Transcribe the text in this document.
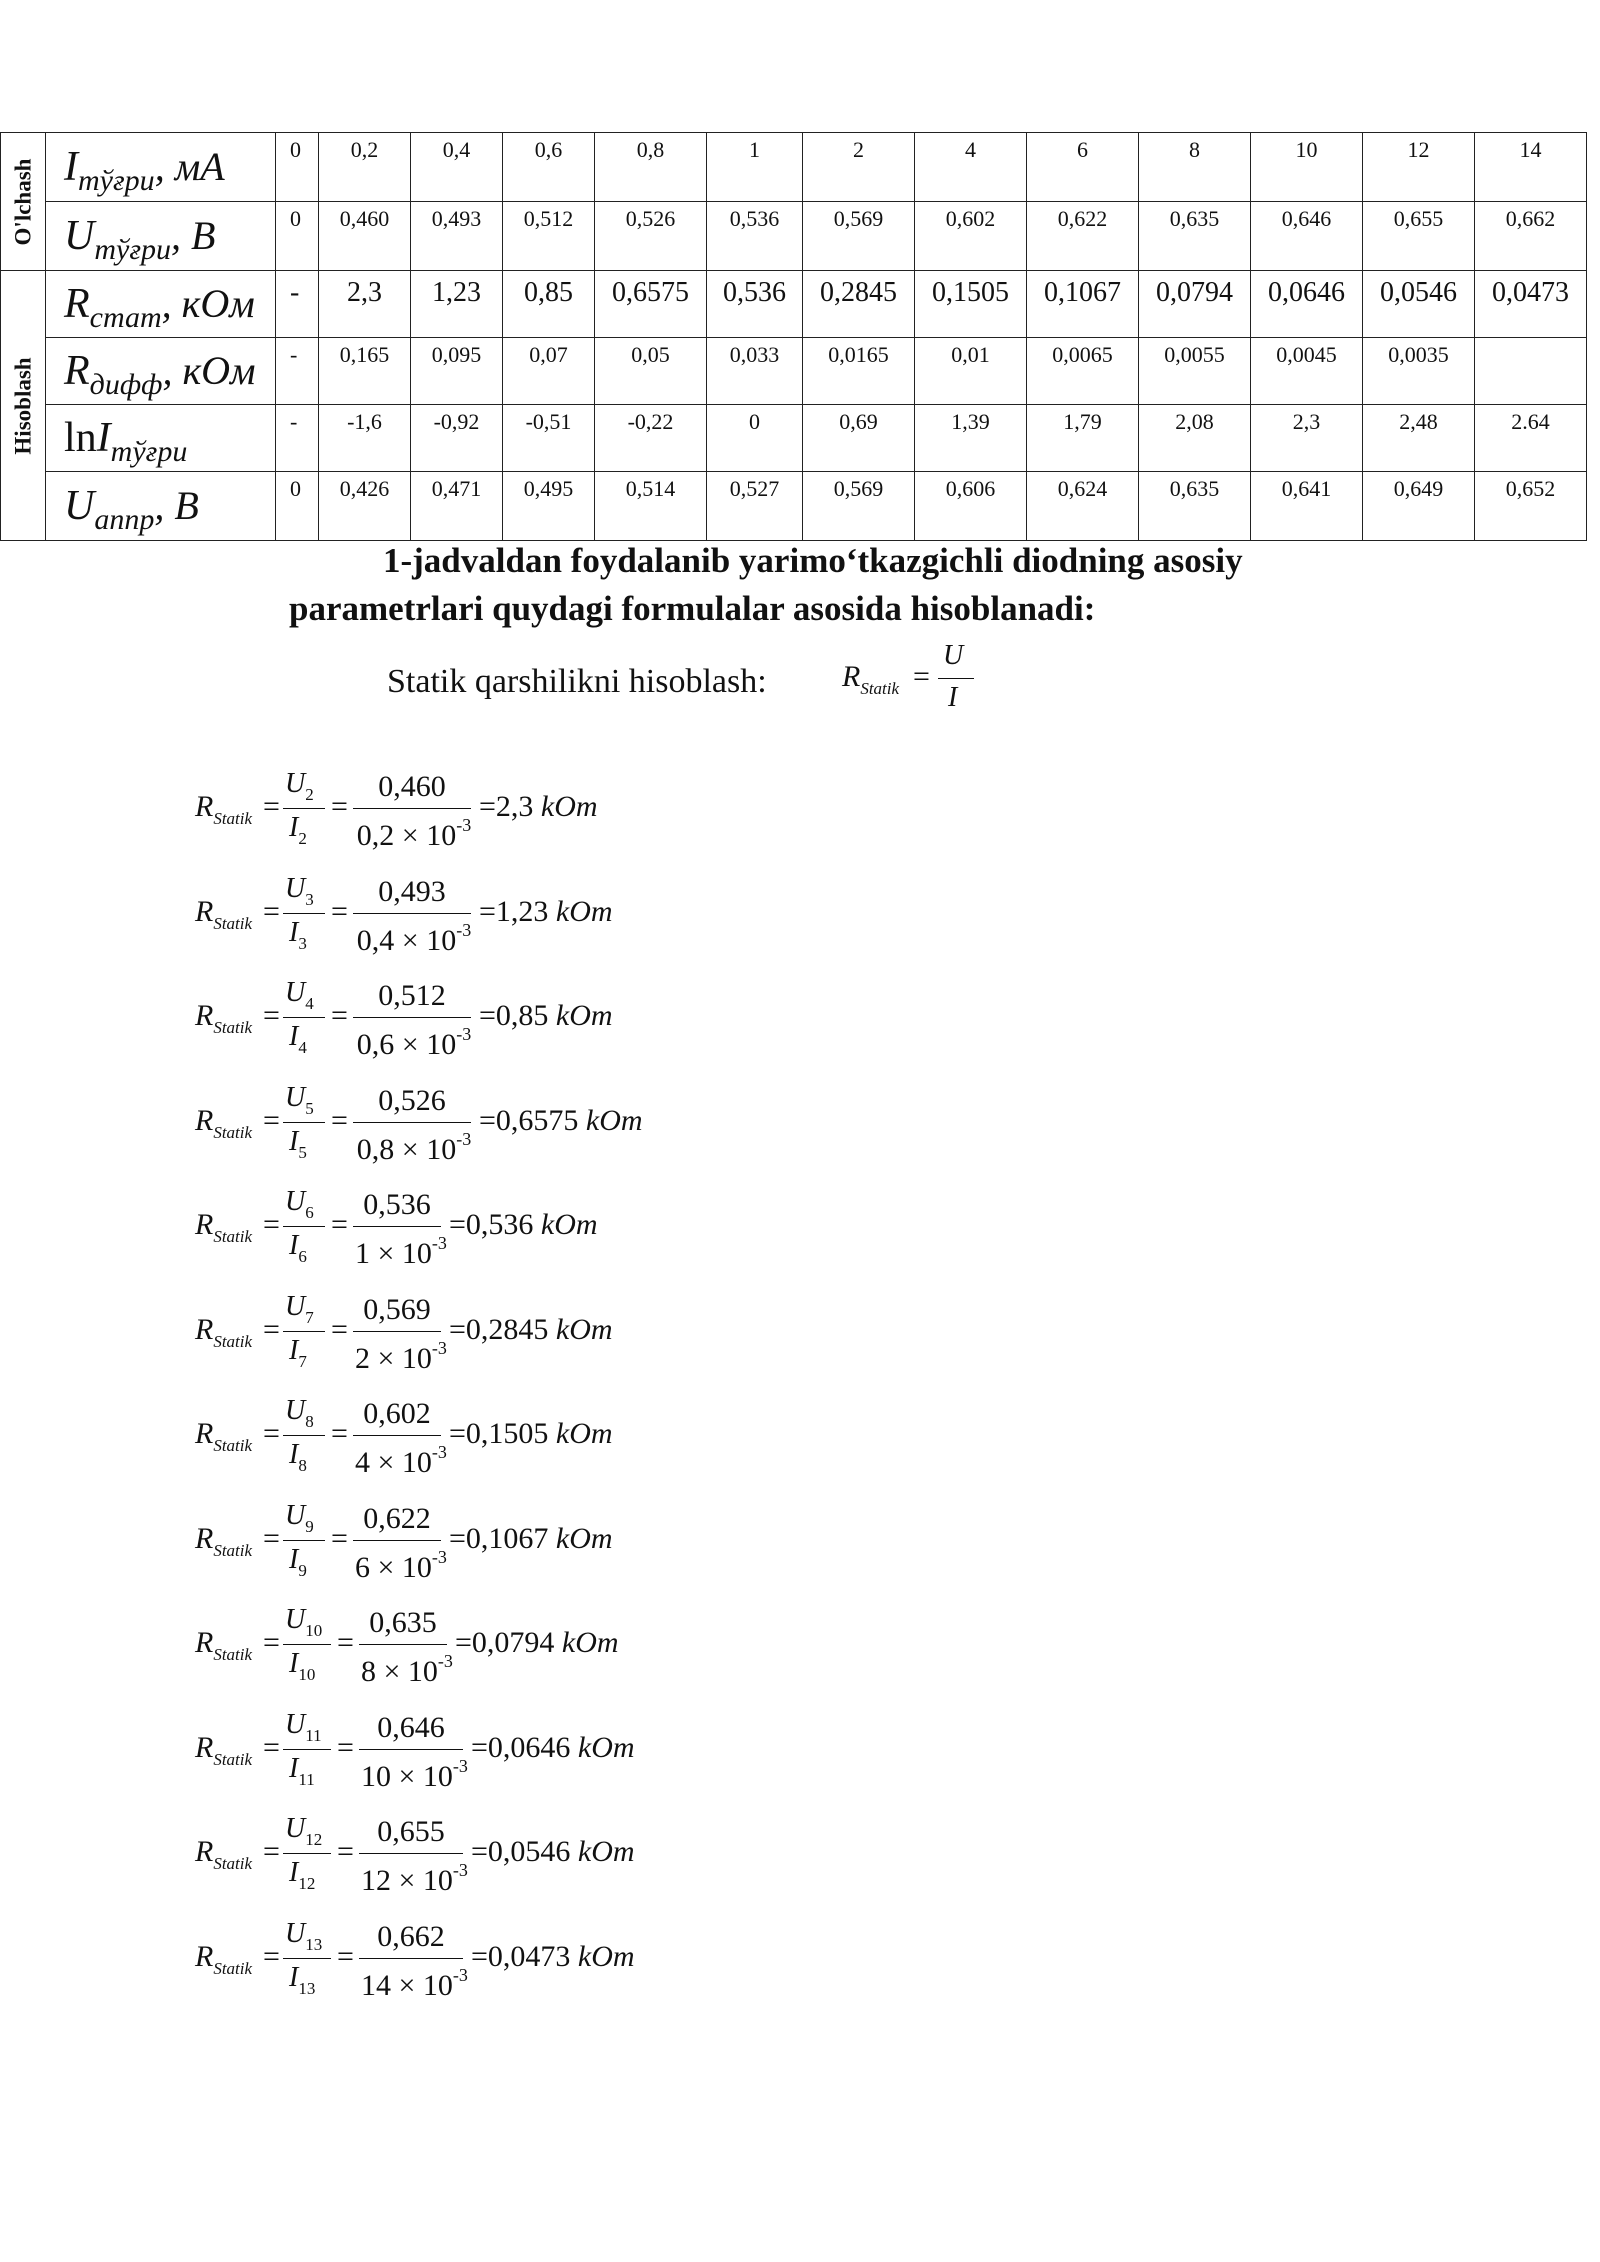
O'lchash	Iтўғри, мА	0	0,2	0,4	0,6	0,8	1	2	4	6	8	10	12	14
	Uтўғри, В	0	0,460	0,493	0,512	0,526	0,536	0,569	0,602	0,622	0,635	0,646	0,655	0,662

Hisoblash	Rстат, кОм	-	2,3	1,23	0,85	0,6575	0,536	0,2845	0,1505	0,1067	0,0794	0,0646	0,0546	0,0473
	Rдифф, кОм	-	0,165	0,095	0,07	0,05	0,033	0,0165	0,01	0,0065	0,0055	0,0045	0,0035	
	lnIтўғри	-	-1,6	-0,92	-0,51	-0,22	0	0,69	1,39	1,79	2,08	2,3	2,48	2.64
	Uаппр, В	0	0,426	0,471	0,495	0,514	0,527	0,569	0,606	0,624	0,635	0,641	0,649	0,652
1-jadvaldan foydalanib yarimo‘tkazgichli diodning asosiy
parametrlari quydagi formulalar asosida hisoblanadi:
Statik qarshilikni hisoblash:	$R_{Statik}$ =
U
I
$R_{Statik}$ =
$U_2$
$I_2$
=
0,460
$0,2 \times 10^{-3}$
=2,3 kOm
$R_{Statik}$ =
$U_3$
$I_3$
=
0,493
$0,4 \times 10^{-3}$
=1,23 kOm
$R_{Statik}$ =
$U_4$
$I_4$
=
0,512
$0,6 \times 10^{-3}$
=0,85 kOm
$R_{Statik}$ =
$U_5$
$I_5$
=
0,526
$0,8 \times 10^{-3}$
=0,6575 kOm
$R_{Statik}$ =
$U_6$
$I_6$
=
0,536
$1 \times 10^{-3}$
=0,536 kOm
$R_{Statik}$ =
$U_7$
$I_7$
=
0,569
$2 \times 10^{-3}$
=0,2845 kOm
$R_{Statik}$ =
$U_8$
$I_8$
=
0,602
$4 \times 10^{-3}$
=0,1505 kOm
$R_{Statik}$ =
$U_9$
$I_9$
=
0,622
$6 \times 10^{-3}$
=0,1067 kOm
$R_{Statik}$ =
$U_{10}$
$I_{10}$
=
0,635
$8 \times 10^{-3}$
=0,0794 kOm
$R_{Statik}$ =
$U_{11}$
$I_{11}$
=
0,646
$10 \times 10^{-3}$
=0,0646 kOm
$R_{Statik}$ =
$U_{12}$
$I_{12}$
=
0,655
$12 \times 10^{-3}$
=0,0546 kOm
$R_{Statik}$ =
$U_{13}$
$I_{13}$
=
0,662
$14 \times 10^{-3}$
=0,0473 kOm
